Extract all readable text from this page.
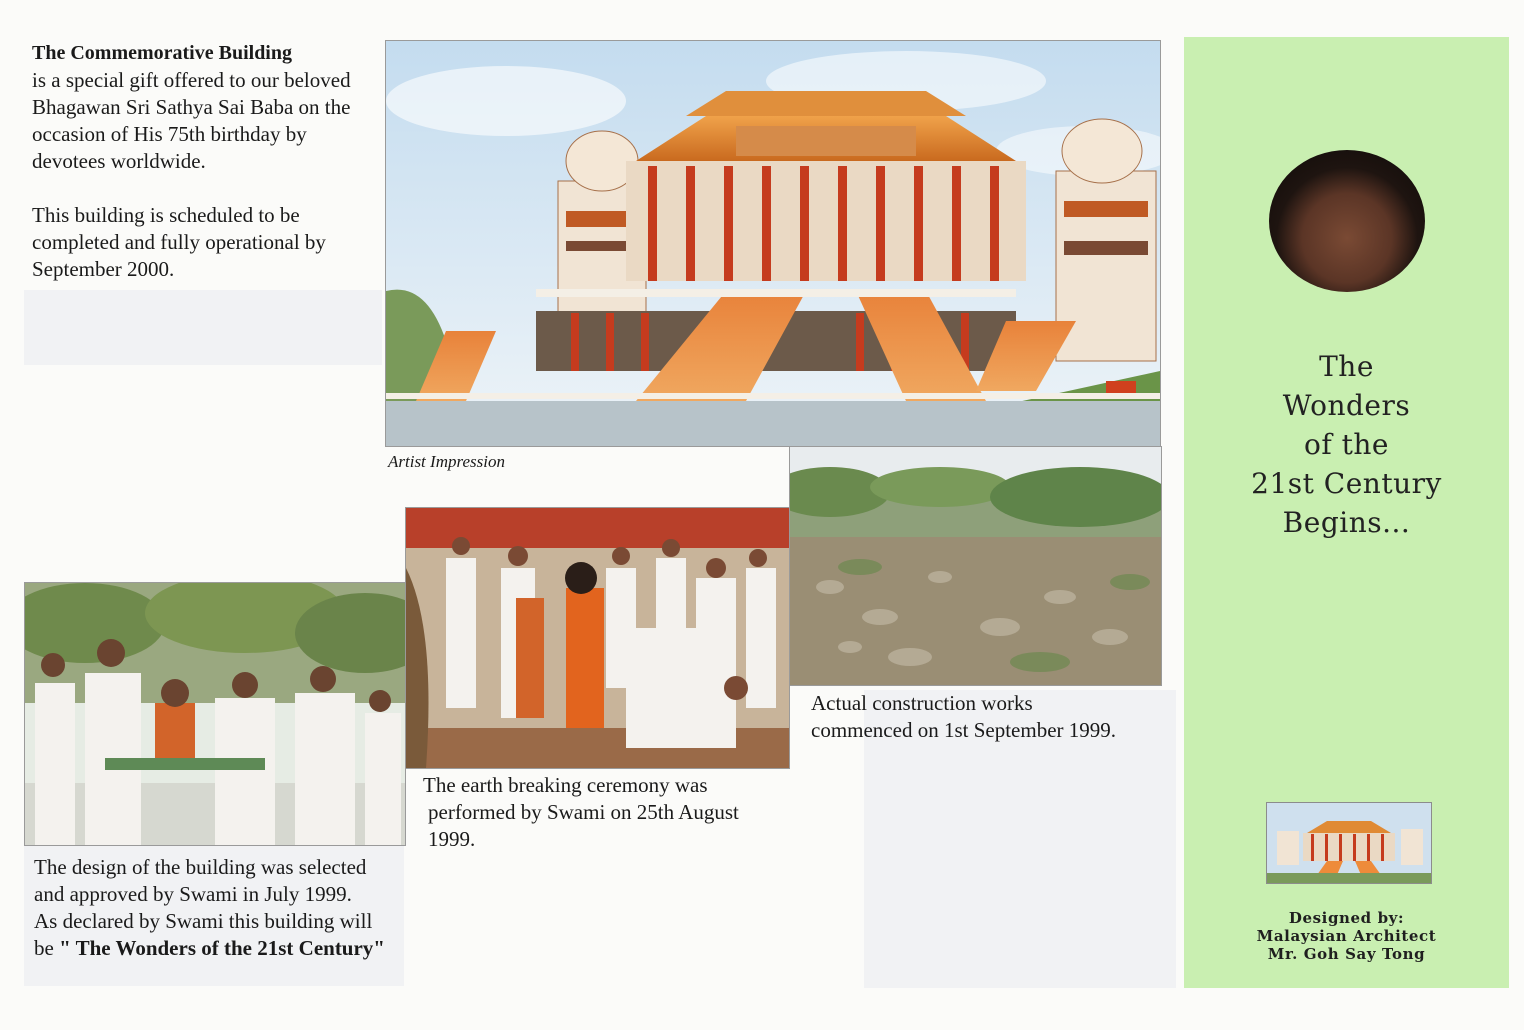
The Commemorative Building
is a special gift offered to our beloved Bhagawan Sri Sathya Sai Baba on the occasion of His 75th birthday by devotees worldwide.
This building is scheduled to be completed and fully operational by September 2000.
Artist Impression
Actual construction works
commenced on 1st September 1999.
The earth breaking ceremony was
performed by Swami on 25th August
1999.
The design of the building was selected
and approved by Swami in July 1999.
As declared by Swami this building will
be " The Wonders of the 21st Century"
The
Wonders
of the
21st Century
Begins...
Designed by:
Malaysian Architect
Mr. Goh Say Tong
